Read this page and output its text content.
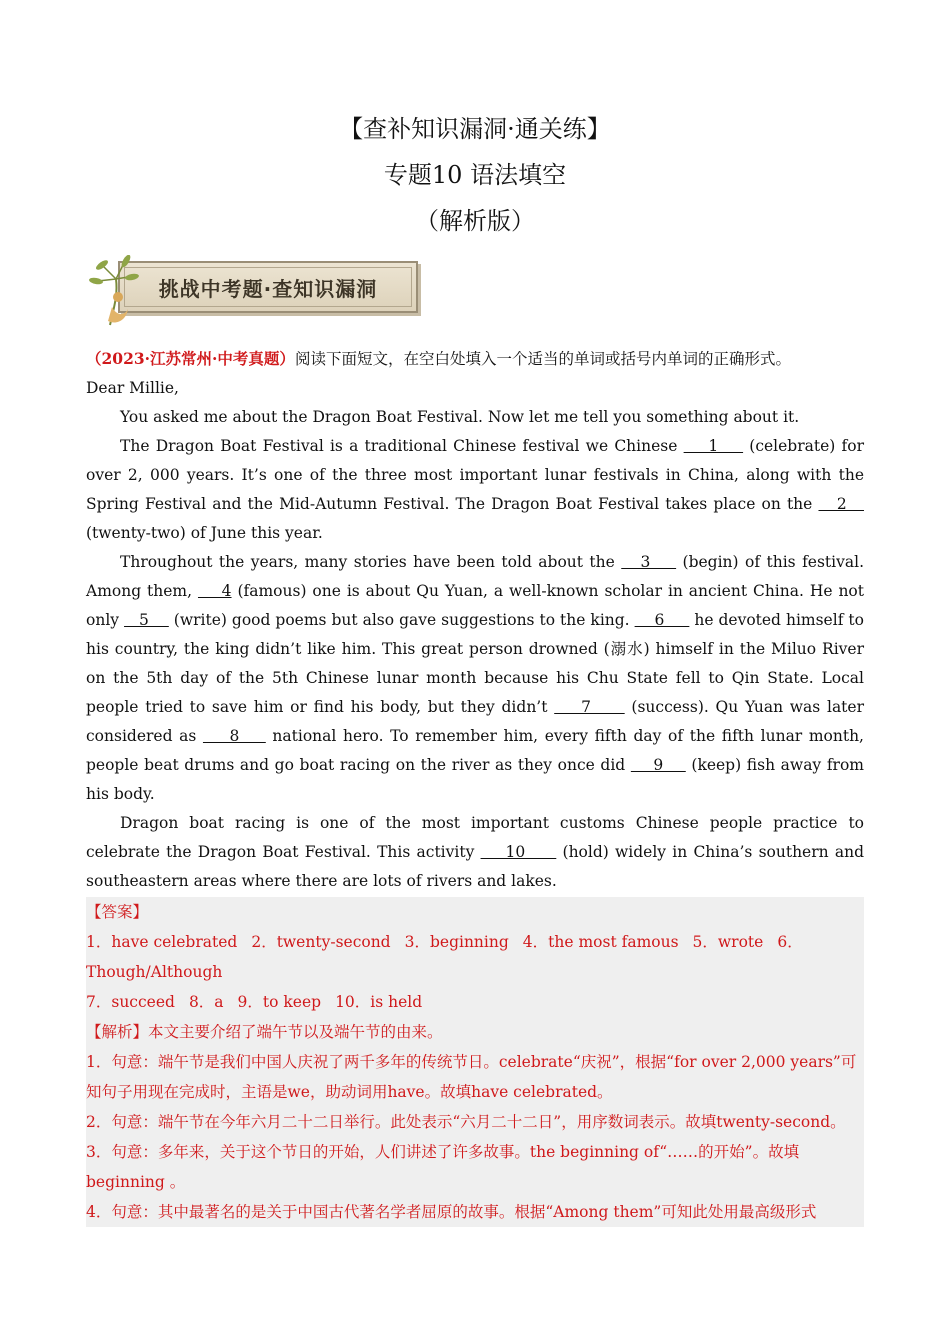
【查补知识漏洞·通关练】
专题10 语法填空
（解析版）
挑战中考题·查知识漏洞

（2023·江苏常州·中考真题）阅读下面短文，在空白处填入一个适当的单词或括号内单词的正确形式。

Dear Millie,

You asked me about the Dragon Boat Festival. Now let me tell you something about it.

The Dragon Boat Festival is a traditional Chinese festival we Chinese     1     (celebrate) for over 2, 000 years. It’s one of the three most important lunar festivals in China, along with the Spring Festival and the Mid-Autumn Festival. The Dragon Boat Festival takes place on the    2    (twenty-two) of June this year.

Throughout the years, many stories have been told about the    3     (begin) of this festival. Among them,     4 (famous) one is about Qu Yuan, a well-known scholar in ancient China. He not only    5     (write) good poems but also gave suggestions to the king.     6      he devoted himself to his country, the king didn’t like him. This great person drowned (溺水) himself in the Miluo River on the 5th day of the 5th Chinese lunar month because his Chu State fell to Qin State. Local people tried to save him or find his body, but they didn’t     7      (success). Qu Yuan was later considered as     8     national hero. To remember him, every fifth day of the fifth lunar month, people beat drums and go boat racing on the river as they once did     9     (keep) fish away from his body.

Dragon boat racing is one of the most important customs Chinese people practice to celebrate the Dragon Boat Festival. This activity     10      (hold) widely in China’s southern and southeastern areas where there are lots of rivers and lakes.

【答案】
1．have celebrated 2．twenty-second 3．beginning 4．the most famous 5．wrote 6．Though/Although
7．succeed 8．a 9．to keep 10．is held
【解析】本文主要介绍了端午节以及端午节的由来。
1．句意：端午节是我们中国人庆祝了两千多年的传统节日。celebrate“庆祝”，根据“for over 2,000 years”可知句子用现在完成时，主语是we，助动词用have。故填have celebrated。
2．句意：端午节在今年六月二十二日举行。此处表示“六月二十二日”，用序数词表示。故填twenty-second。
3．句意：多年来，关于这个节日的开始，人们讲述了许多故事。the beginning of“……的开始”。故填beginning 。
4．句意：其中最著名的是关于中国古代著名学者屈原的故事。根据“Among them”可知此处用最高级形式
